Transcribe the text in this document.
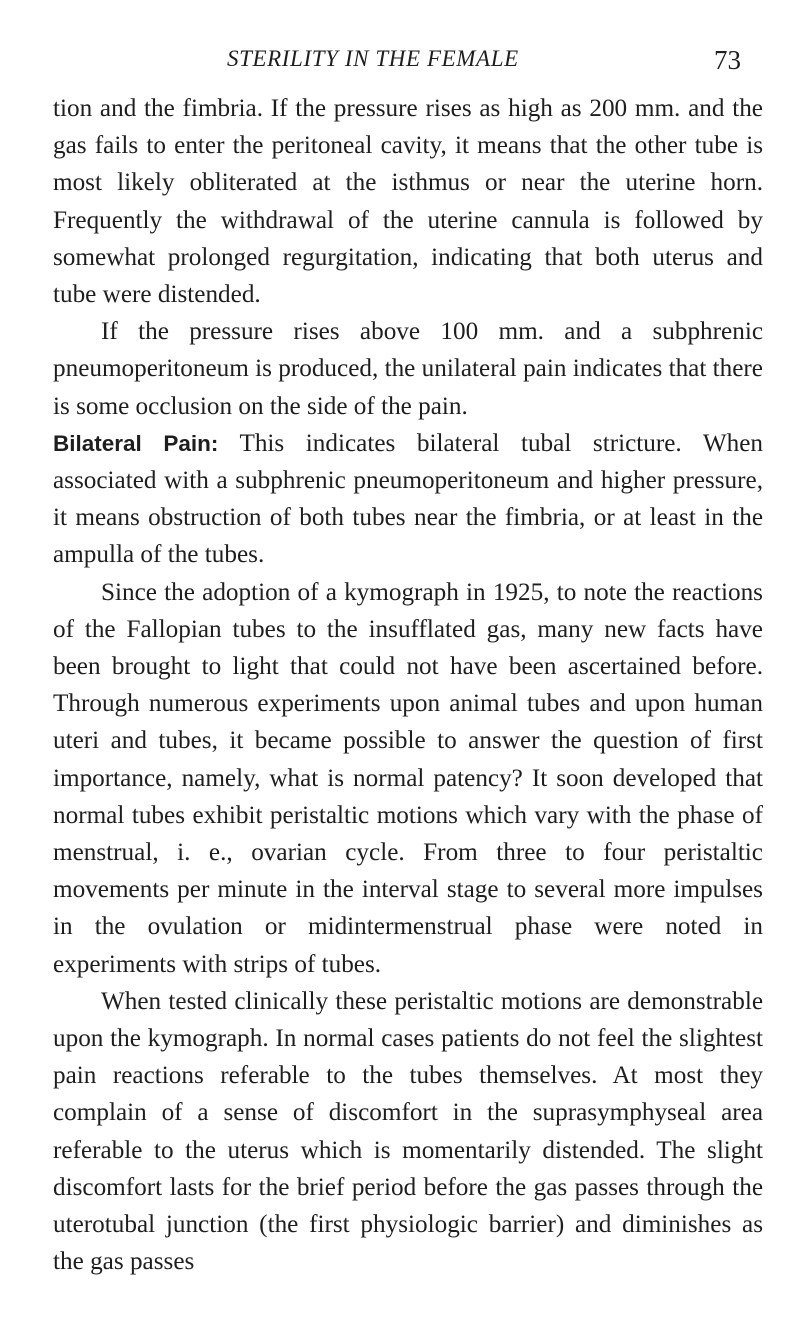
STERILITY IN THE FEMALE	73

tion and the fimbria. If the pressure rises as high as 200 mm. and the gas fails to enter the peritoneal cavity, it means that the other tube is most likely obliterated at the isthmus or near the uterine horn. Frequently the withdrawal of the uterine cannula is followed by somewhat prolonged regurgitation, indicating that both uterus and tube were distended.

If the pressure rises above 100 mm. and a subphrenic pneumoperitoneum is produced, the unilateral pain indicates that there is some occlusion on the side of the pain.

Bilateral Pain: This indicates bilateral tubal stricture. When associated with a subphrenic pneumoperitoneum and higher pressure, it means obstruction of both tubes near the fimbria, or at least in the ampulla of the tubes.

Since the adoption of a kymograph in 1925, to note the reactions of the Fallopian tubes to the insufflated gas, many new facts have been brought to light that could not have been ascertained before. Through numerous experiments upon animal tubes and upon human uteri and tubes, it became possible to answer the question of first importance, namely, what is normal patency? It soon developed that normal tubes exhibit peristaltic motions which vary with the phase of menstrual, i. e., ovarian cycle. From three to four peristaltic movements per minute in the interval stage to several more impulses in the ovulation or midintermenstrual phase were noted in experiments with strips of tubes.

When tested clinically these peristaltic motions are demonstrable upon the kymograph. In normal cases patients do not feel the slightest pain reactions referable to the tubes themselves. At most they complain of a sense of discomfort in the suprasymphyseal area referable to the uterus which is momentarily distended. The slight discomfort lasts for the brief period before the gas passes through the uterotubal junction (the first physiologic barrier) and diminishes as the gas passes
